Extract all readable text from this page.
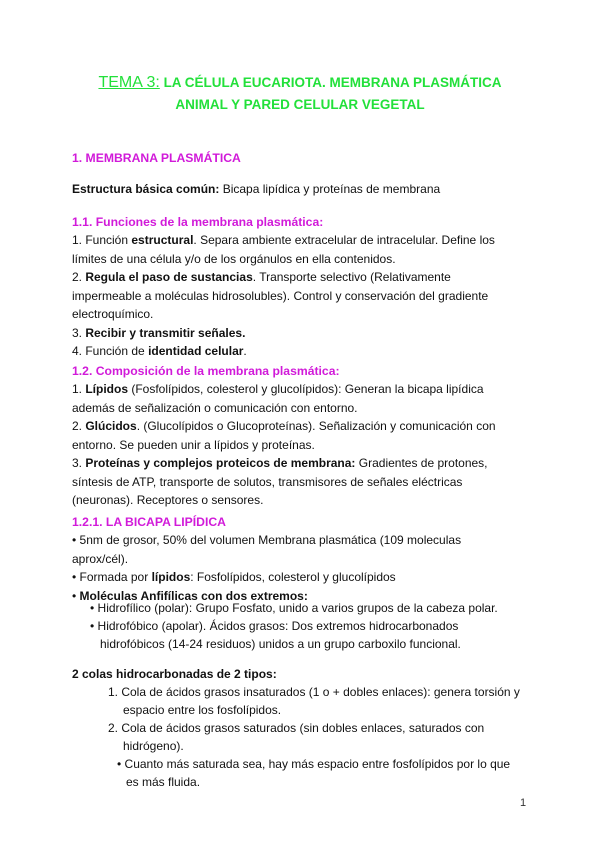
TEMA 3: LA CÉLULA EUCARIOTA. MEMBRANA PLASMÁTICA
ANIMAL Y PARED CELULAR VEGETAL
1. MEMBRANA PLASMÁTICA
Estructura básica común: Bicapa lipídica y proteínas de membrana
1.1. Funciones de la membrana plasmática:
1. Función estructural. Separa ambiente extracelular de intracelular. Define los
límites de una célula y/o de los orgánulos en ella contenidos.
2. Regula el paso de sustancias. Transporte selectivo (Relativamente
impermeable a moléculas hidrosolubles). Control y conservación del gradiente
electroquímico.
3. Recibir y transmitir señales.
4. Función de identidad celular.
1.2. Composición de la membrana plasmática:
1. Lípidos (Fosfolípidos, colesterol y glucolípidos): Generan la bicapa lipídica
además de señalización o comunicación con entorno.
2. Glúcidos. (Glucolípidos o Glucoproteínas). Señalización y comunicación con
entorno. Se pueden unir a lípidos y proteínas.
3. Proteínas y complejos proteicos de membrana: Gradientes de protones,
síntesis de ATP, transporte de solutos, transmisores de señales eléctricas
(neuronas). Receptores o sensores.
1.2.1. LA BICAPA LIPÍDICA
• 5nm de grosor, 50% del volumen Membrana plasmática (109 moleculas
aprox/cél).
• Formada por lípidos: Fosfolípidos, colesterol y glucolípidos
• Moléculas Anfifílicas con dos extremos:
• Hidrofílico (polar): Grupo Fosfato, unido a varios grupos de la cabeza polar.
• Hidrofóbico (apolar). Ácidos grasos: Dos extremos hidrocarbonados
hidrofóbicos (14-24 residuos) unidos a un grupo carboxilo funcional.
2 colas hidrocarbonadas de 2 tipos:
1. Cola de ácidos grasos insaturados (1 o + dobles enlaces): genera torsión y
espacio entre los fosfolípidos.
2. Cola de ácidos grasos saturados (sin dobles enlaces, saturados con
hidrógeno).
• Cuanto más saturada sea, hay más espacio entre fosfolípidos por lo que
es más fluida.
1
